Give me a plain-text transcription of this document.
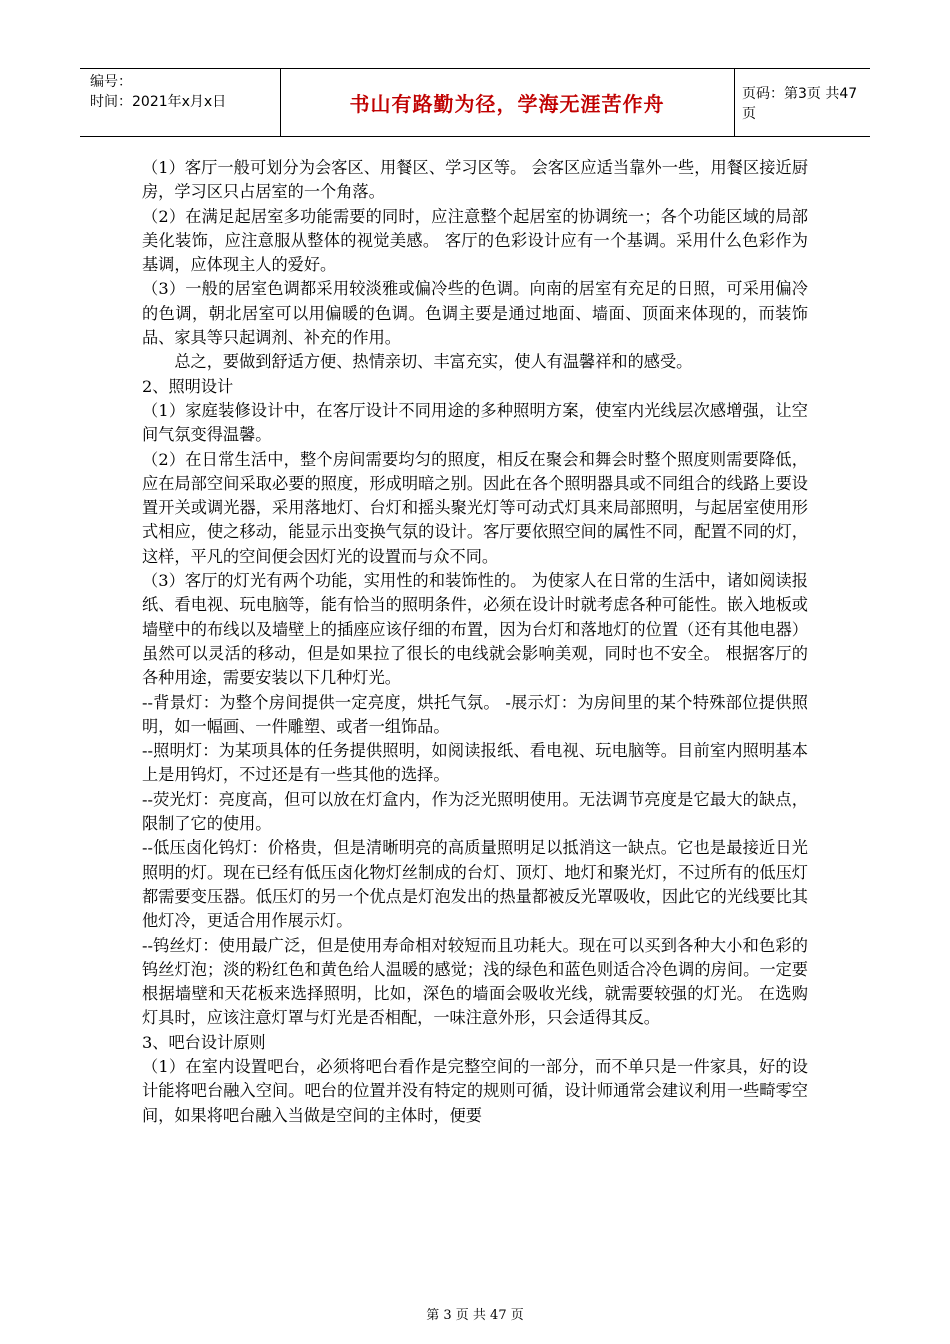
编号：
时间：2021年x月x日	书山有路勤为径，学海无涯苦作舟	页码：第3页 共47页

（1）客厅一般可划分为会客区、用餐区、学习区等。 会客区应适当靠外一些，用餐区接近厨房，学习区只占居室的一个角落。

（2）在满足起居室多功能需要的同时，应注意整个起居室的协调统一；各个功能区域的局部美化装饰，应注意服从整体的视觉美感。 客厅的色彩设计应有一个基调。采用什么色彩作为基调，应体现主人的爱好。

（3）一般的居室色调都采用较淡雅或偏冷些的色调。向南的居室有充足的日照，可采用偏冷的色调，朝北居室可以用偏暖的色调。色调主要是通过地面、墙面、顶面来体现的，而装饰品、家具等只起调剂、补充的作用。

　　总之，要做到舒适方便、热情亲切、丰富充实，使人有温馨祥和的感受。

2、照明设计

（1）家庭装修设计中，在客厅设计不同用途的多种照明方案，使室内光线层次感增强，让空间气氛变得温馨。

（2）在日常生活中，整个房间需要均匀的照度，相反在聚会和舞会时整个照度则需要降低，应在局部空间采取必要的照度，形成明暗之别。因此在各个照明器具或不同组合的线路上要设置开关或调光器，采用落地灯、台灯和摇头聚光灯等可动式灯具来局部照明，与起居室使用形式相应，使之移动，能显示出变换气氛的设计。客厅要依照空间的属性不同，配置不同的灯，这样，平凡的空间便会因灯光的设置而与众不同。

（3）客厅的灯光有两个功能，实用性的和装饰性的。 为使家人在日常的生活中，诸如阅读报纸、看电视、玩电脑等，能有恰当的照明条件，必须在设计时就考虑各种可能性。嵌入地板或墙壁中的布线以及墙壁上的插座应该仔细的布置，因为台灯和落地灯的位置（还有其他电器）虽然可以灵活的移动，但是如果拉了很长的电线就会影响美观，同时也不安全。 根据客厅的各种用途，需要安装以下几种灯光。

--背景灯：为整个房间提供一定亮度，烘托气氛。 -展示灯：为房间里的某个特殊部位提供照明，如一幅画、一件雕塑、或者一组饰品。

--照明灯：为某项具体的任务提供照明，如阅读报纸、看电视、玩电脑等。目前室内照明基本上是用钨灯，不过还是有一些其他的选择。

--荧光灯：亮度高，但可以放在灯盒内，作为泛光照明使用。无法调节亮度是它最大的缺点，限制了它的使用。

--低压卤化钨灯：价格贵，但是清晰明亮的高质量照明足以抵消这一缺点。它也是最接近日光照明的灯。现在已经有低压卤化物灯丝制成的台灯、顶灯、地灯和聚光灯，不过所有的低压灯都需要变压器。低压灯的另一个优点是灯泡发出的热量都被反光罩吸收，因此它的光线要比其他灯冷，更适合用作展示灯。

--钨丝灯：使用最广泛，但是使用寿命相对较短而且功耗大。现在可以买到各种大小和色彩的钨丝灯泡；淡的粉红色和黄色给人温暖的感觉；浅的绿色和蓝色则适合冷色调的房间。一定要根据墙壁和天花板来选择照明，比如，深色的墙面会吸收光线，就需要较强的灯光。 在选购灯具时，应该注意灯罩与灯光是否相配，一味注意外形，只会适得其反。

3、吧台设计原则

（1）在室内设置吧台，必须将吧台看作是完整空间的一部分，而不单只是一件家具，好的设计能将吧台融入空间。吧台的位置并没有特定的规则可循，设计师通常会建议利用一些畸零空间，如果将吧台融入当做是空间的主体时，便要

第 3 页 共 47 页
